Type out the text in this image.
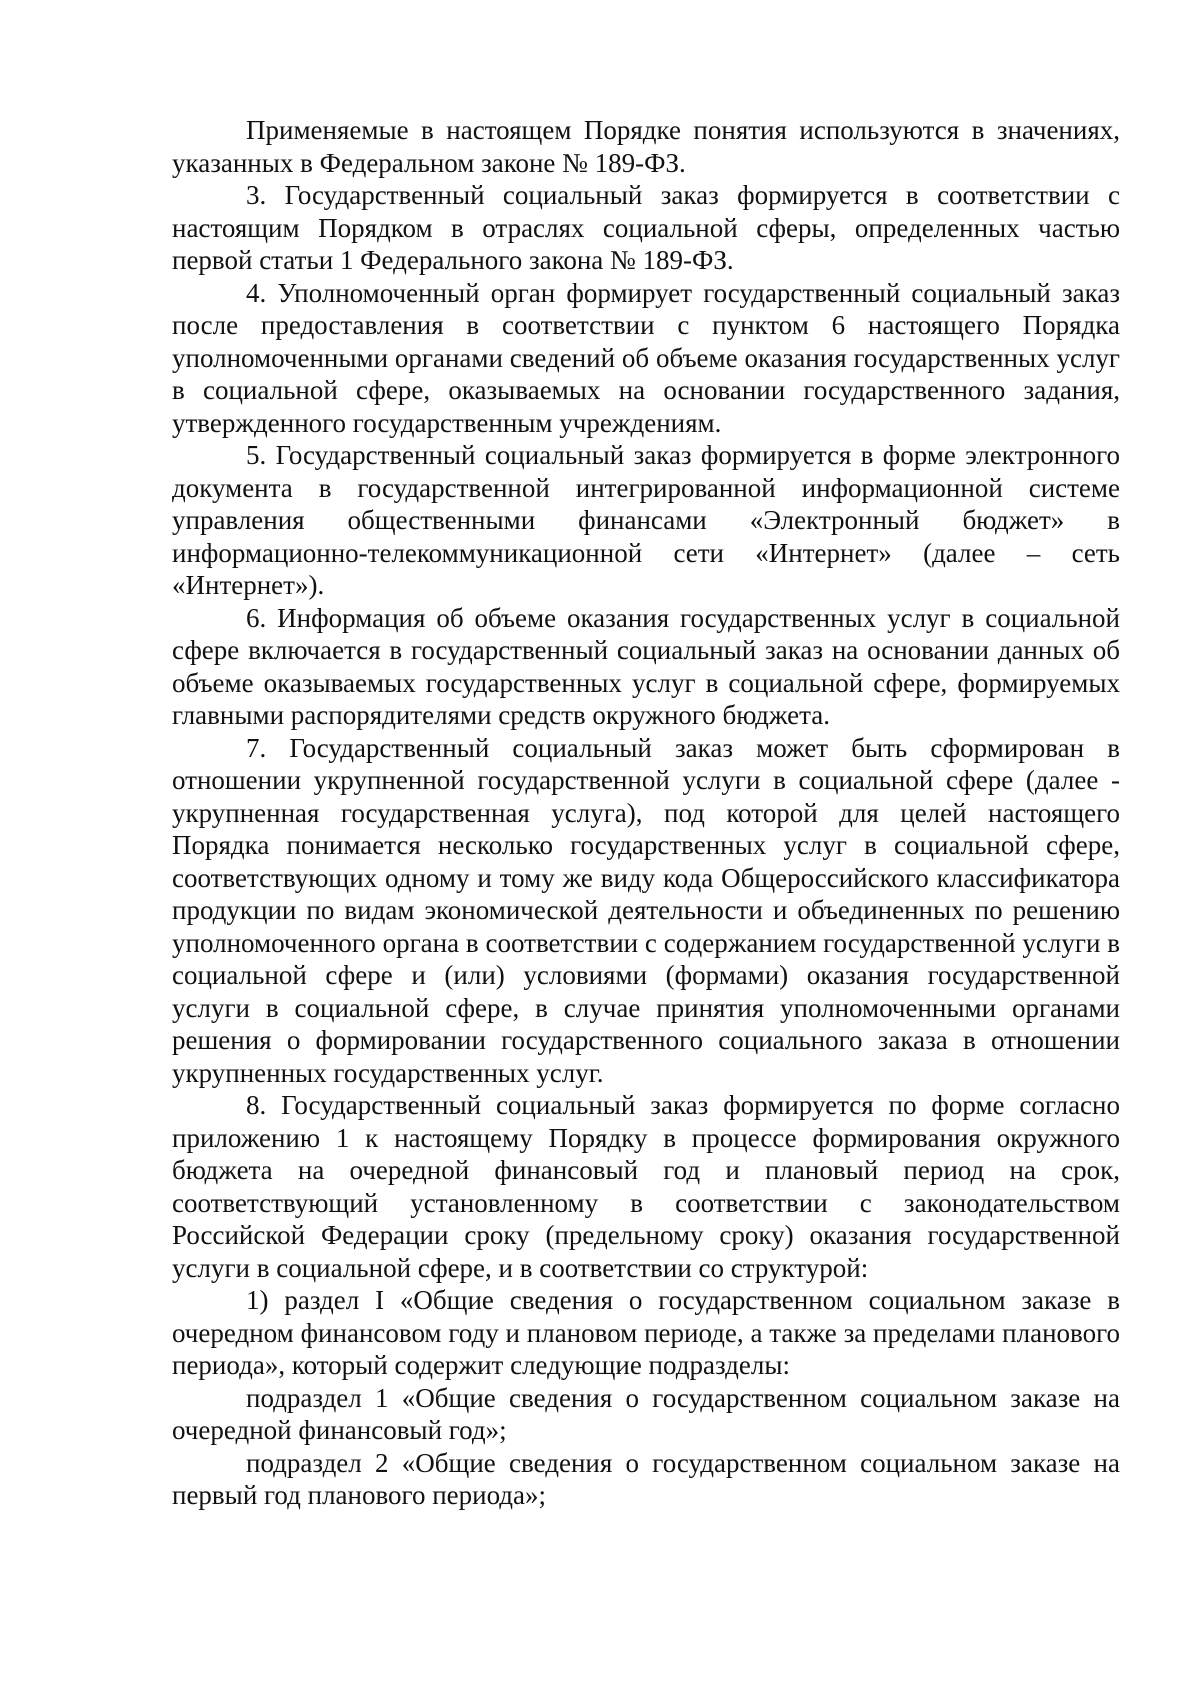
Применяемые в настоящем Порядке понятия используются в значениях, указанных в Федеральном законе № 189-ФЗ.

3. Государственный социальный заказ формируется в соответствии с настоящим Порядком в отраслях социальной сферы, определенных частью первой статьи 1 Федерального закона № 189-ФЗ.

4. Уполномоченный орган формирует государственный социальный заказ после предоставления в соответствии с пунктом 6 настоящего Порядка уполномоченными органами сведений об объеме оказания государственных услуг в социальной сфере, оказываемых на основании государственного задания, утвержденного государственным учреждениям.

5. Государственный социальный заказ формируется в форме электронного документа в государственной интегрированной информационной системе управления общественными финансами «Электронный бюджет» в информационно-телекоммуникационной сети «Интернет» (далее – сеть «Интернет»).

6. Информация об объеме оказания государственных услуг в социальной сфере включается в государственный социальный заказ на основании данных об объеме оказываемых государственных услуг в социальной сфере, формируемых главными распорядителями средств окружного бюджета.

7. Государственный социальный заказ может быть сформирован в отношении укрупненной государственной услуги в социальной сфере (далее - укрупненная государственная услуга), под которой для целей настоящего Порядка понимается несколько государственных услуг в социальной сфере, соответствующих одному и тому же виду кода Общероссийского классификатора продукции по видам экономической деятельности и объединенных по решению уполномоченного органа в соответствии с содержанием государственной услуги в социальной сфере и (или) условиями (формами) оказания государственной услуги в социальной сфере, в случае принятия уполномоченными органами решения о формировании государственного социального заказа в отношении укрупненных государственных услуг.

8. Государственный социальный заказ формируется по форме согласно приложению 1 к настоящему Порядку в процессе формирования окружного бюджета на очередной финансовый год и плановый период на срок, соответствующий установленному в соответствии с законодательством Российской Федерации сроку (предельному сроку) оказания государственной услуги в социальной сфере, и в соответствии со структурой:

1) раздел I «Общие сведения о государственном социальном заказе в очередном финансовом году и плановом периоде, а также за пределами планового периода», который содержит следующие подразделы:

подраздел 1 «Общие сведения о государственном социальном заказе на очередной финансовый год»;

подраздел 2 «Общие сведения о государственном социальном заказе на первый год планового периода»;
